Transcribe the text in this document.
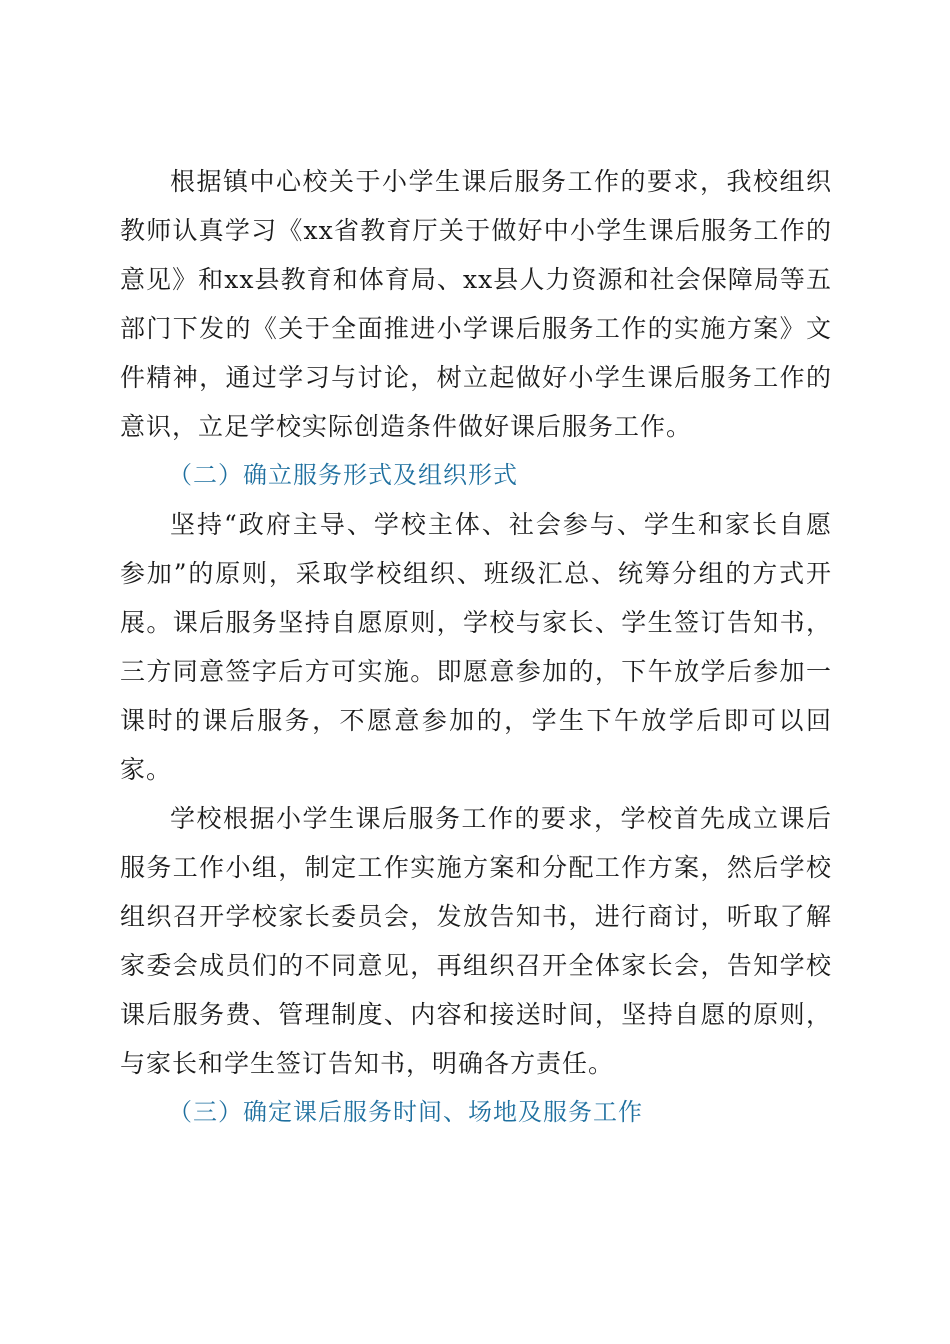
根据镇中心校关于小学生课后服务工作的要求，我校组织教师认真学习《xx省教育厅关于做好中小学生课后服务工作的意见》和xx县教育和体育局、xx县人力资源和社会保障局等五部门下发的《关于全面推进小学课后服务工作的实施方案》文件精神，通过学习与讨论，树立起做好小学生课后服务工作的意识，立足学校实际创造条件做好课后服务工作。

（二）确立服务形式及组织形式

坚持“政府主导、学校主体、社会参与、学生和家长自愿参加”的原则，采取学校组织、班级汇总、统筹分组的方式开展。课后服务坚持自愿原则，学校与家长、学生签订告知书，三方同意签字后方可实施。即愿意参加的，下午放学后参加一课时的课后服务，不愿意参加的，学生下午放学后即可以回家。

学校根据小学生课后服务工作的要求，学校首先成立课后服务工作小组，制定工作实施方案和分配工作方案，然后学校组织召开学校家长委员会，发放告知书，进行商讨，听取了解家委会成员们的不同意见，再组织召开全体家长会，告知学校课后服务费、管理制度、内容和接送时间，坚持自愿的原则，与家长和学生签订告知书，明确各方责任。

（三）确定课后服务时间、场地及服务工作
